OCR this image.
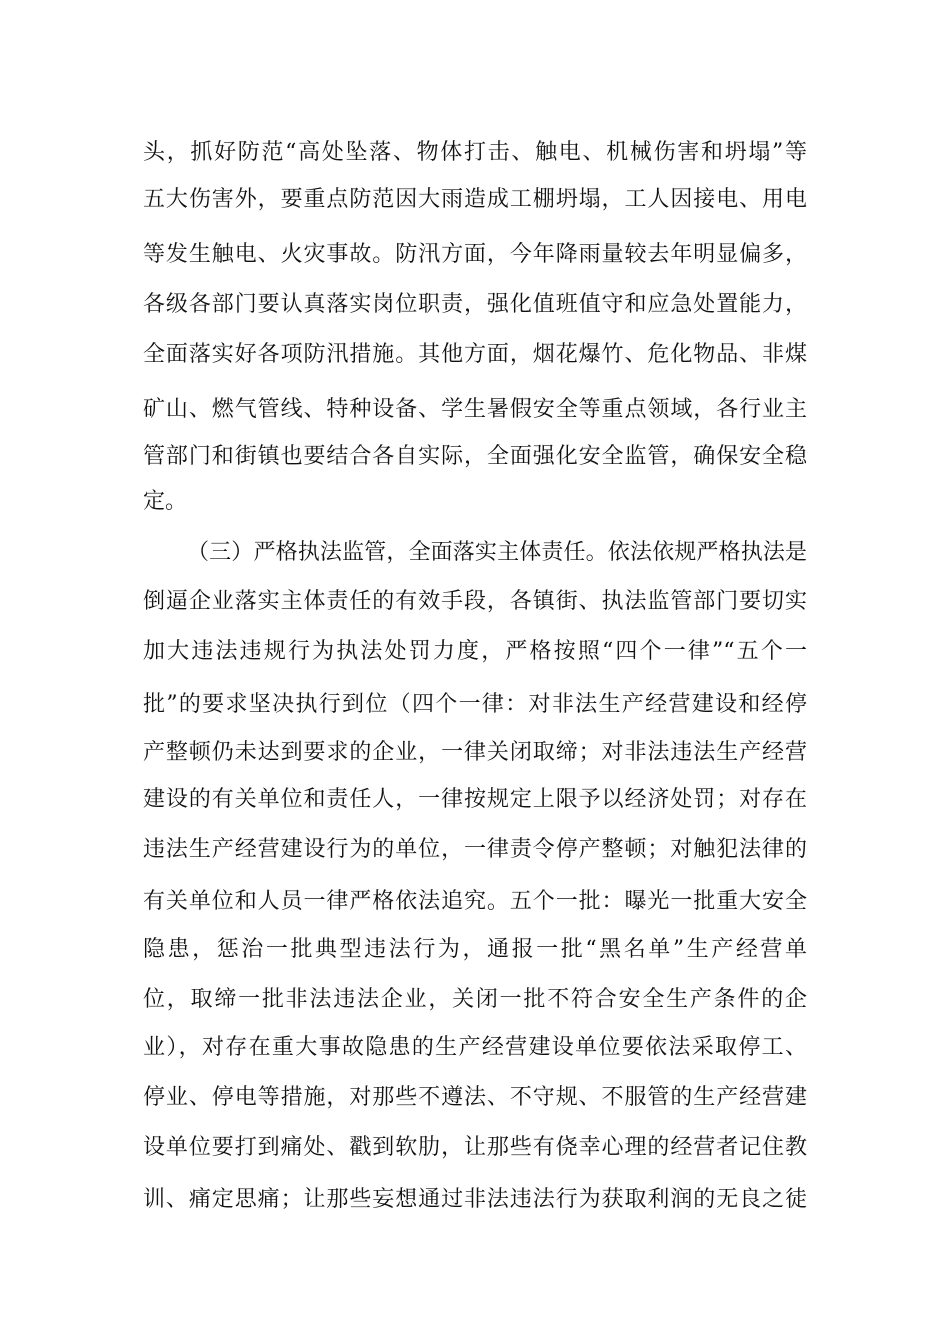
头，抓好防范“高处坠落、物体打击、触电、机械伤害和坍塌”等
五大伤害外，要重点防范因大雨造成工棚坍塌，工人因接电、用电
等发生触电、火灾事故。防汛方面，今年降雨量较去年明显偏多，
各级各部门要认真落实岗位职责，强化值班值守和应急处置能力，
全面落实好各项防汛措施。其他方面，烟花爆竹、危化物品、非煤
矿山、燃气管线、特种设备、学生暑假安全等重点领域，各行业主
管部门和街镇也要结合各自实际，全面强化安全监管，确保安全稳
定。
（三）严格执法监管，全面落实主体责任。依法依规严格执法是
倒逼企业落实主体责任的有效手段，各镇街、执法监管部门要切实
加大违法违规行为执法处罚力度，严格按照“四个一律”“五个一
批”的要求坚决执行到位（四个一律：对非法生产经营建设和经停
产整顿仍未达到要求的企业，一律关闭取缔；对非法违法生产经营
建设的有关单位和责任人，一律按规定上限予以经济处罚；对存在
违法生产经营建设行为的单位，一律责令停产整顿；对触犯法律的
有关单位和人员一律严格依法追究。五个一批：曝光一批重大安全
隐患，惩治一批典型违法行为，通报一批“黑名单”生产经营单
位，取缔一批非法违法企业，关闭一批不符合安全生产条件的企
业），对存在重大事故隐患的生产经营建设单位要依法采取停工、
停业、停电等措施，对那些不遵法、不守规、不服管的生产经营建
设单位要打到痛处、戳到软肋，让那些有侥幸心理的经营者记住教
训、痛定思痛；让那些妄想通过非法违法行为获取利润的无良之徒
